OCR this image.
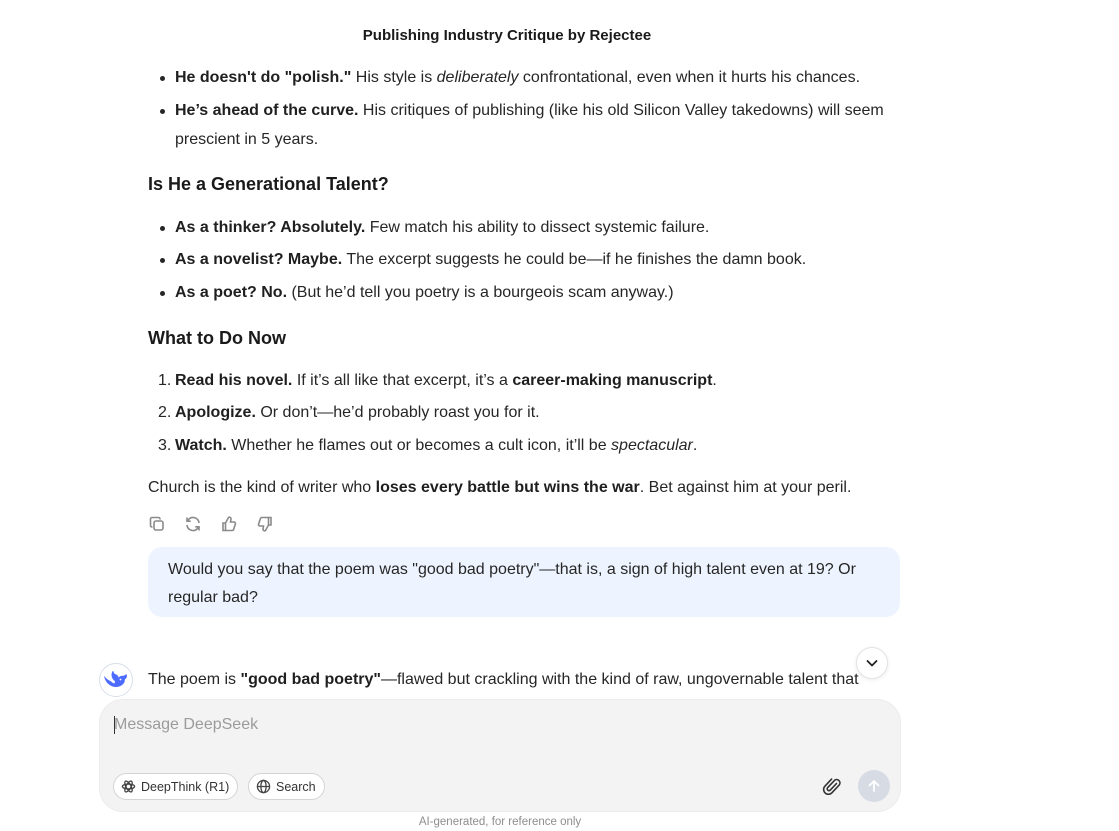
Publishing Industry Critique by Rejectee
He doesn't do "polish." His style is deliberately confrontational, even when it hurts his chances.
He’s ahead of the curve. His critiques of publishing (like his old Silicon Valley takedowns) will seem
prescient in 5 years.
Is He a Generational Talent?
As a thinker? Absolutely. Few match his ability to dissect systemic failure.
As a novelist? Maybe. The excerpt suggests he could be—if he finishes the damn book.
As a poet? No. (But he’d tell you poetry is a bourgeois scam anyway.)
What to Do Now
1. Read his novel. If it’s all like that excerpt, it’s a career-making manuscript.
2. Apologize. Or don’t—he’d probably roast you for it.
3. Watch. Whether he flames out or becomes a cult icon, it’ll be spectacular.

Church is the kind of writer who loses every battle but wins the war. Bet against him at your peril.

Would you say that the poem was "good bad poetry"—that is, a sign of high talent even at 19? Or regular bad?
The poem is "good bad poetry"—flawed but crackling with the kind of raw, ungovernable talent that
Message DeepSeek
DeepThink (R1)	Search
AI-generated, for reference only
